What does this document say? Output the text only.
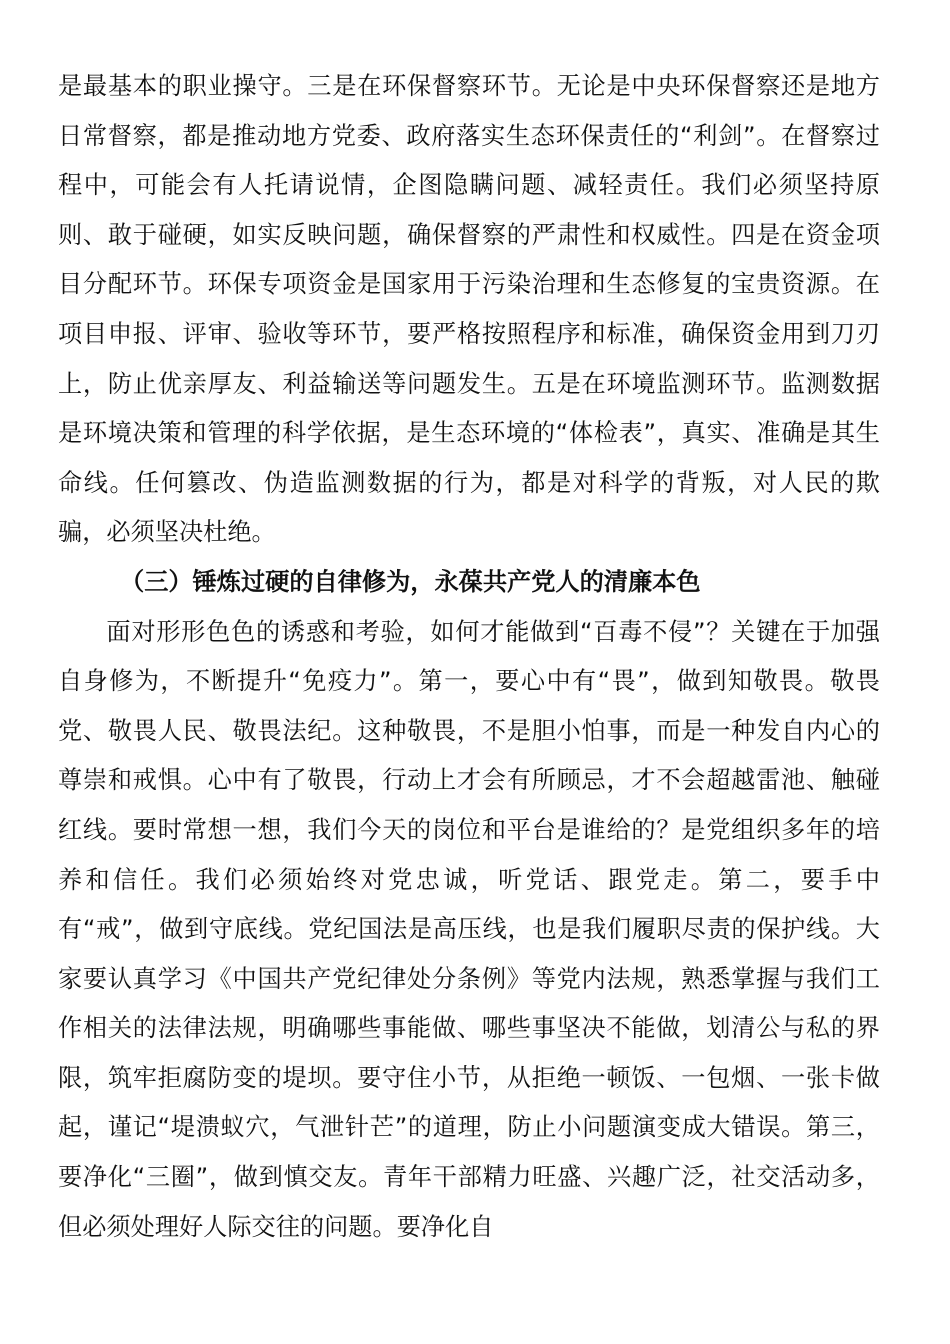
是最基本的职业操守。三是在环保督察环节。无论是中央环保督察还是地方日常督察，都是推动地方党委、政府落实生态环保责任的“利剑”。在督察过程中，可能会有人托请说情，企图隐瞒问题、减轻责任。我们必须坚持原则、敢于碰硬，如实反映问题，确保督察的严肃性和权威性。四是在资金项目分配环节。环保专项资金是国家用于污染治理和生态修复的宝贵资源。在项目申报、评审、验收等环节，要严格按照程序和标准，确保资金用到刀刃上，防止优亲厚友、利益输送等问题发生。五是在环境监测环节。监测数据是环境决策和管理的科学依据，是生态环境的“体检表”，真实、准确是其生命线。任何篡改、伪造监测数据的行为，都是对科学的背叛，对人民的欺骗，必须坚决杜绝。

（三）锤炼过硬的自律修为，永葆共产党人的清廉本色

面对形形色色的诱惑和考验，如何才能做到“百毒不侵”？关键在于加强自身修为，不断提升“免疫力”。第一，要心中有“畏”，做到知敬畏。敬畏党、敬畏人民、敬畏法纪。这种敬畏，不是胆小怕事，而是一种发自内心的尊崇和戒惧。心中有了敬畏，行动上才会有所顾忌，才不会超越雷池、触碰红线。要时常想一想，我们今天的岗位和平台是谁给的？是党组织多年的培养和信任。我们必须始终对党忠诚，听党话、跟党走。第二，要手中有“戒”，做到守底线。党纪国法是高压线，也是我们履职尽责的保护线。大家要认真学习《中国共产党纪律处分条例》等党内法规，熟悉掌握与我们工作相关的法律法规，明确哪些事能做、哪些事坚决不能做，划清公与私的界限，筑牢拒腐防变的堤坝。要守住小节，从拒绝一顿饭、一包烟、一张卡做起，谨记“堤溃蚁穴，气泄针芒”的道理，防止小问题演变成大错误。第三，要净化“三圈”，做到慎交友。青年干部精力旺盛、兴趣广泛，社交活动多，但必须处理好人际交往的问题。要净化自
